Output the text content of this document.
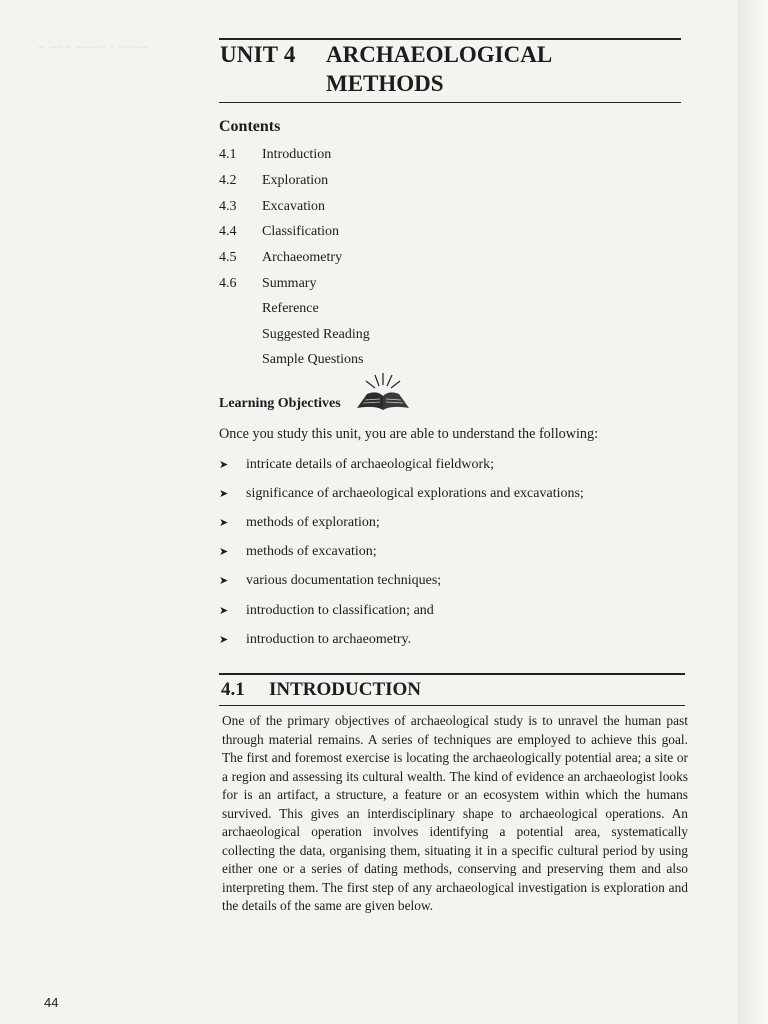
~ ~~~ ~~~~ · ~~~~ · · UNIT 4 ARCHAEOLOGICAL
METHODS
Contents
4.1	Introduction
4.2	Exploration
4.3	Excavation
4.4	Classification
4.5	Archaeometry
4.6	Summary
Reference
Suggested Reading
Sample Questions
Learning Objectives
Once you study this unit, you are able to understand the following:
➤ intricate details of archaeological fieldwork;
➤ significance of archaeological explorations and excavations;
➤ methods of exploration;
➤ methods of excavation;
➤ various documentation techniques;
➤ introduction to classification; and
➤ introduction to archaeometry.
4.1 INTRODUCTION

One of the primary objectives of archaeological study is to unravel the human past through material remains. A series of techniques are employed to achieve this goal. The first and foremost exercise is locating the archaeologically potential area; a site or a region and assessing its cultural wealth. The kind of evidence an archaeologist looks for is an artifact, a structure, a feature or an ecosystem within which the humans survived. This gives an interdisciplinary shape to archaeological operations. An archaeological operation involves identifying a potential area, systematically collecting the data, organising them, situating it in a specific cultural period by using either one or a series of dating methods, conserving and preserving them and also interpreting them. The first step of any archaeological investigation is exploration and the details of the same are given below.

44
